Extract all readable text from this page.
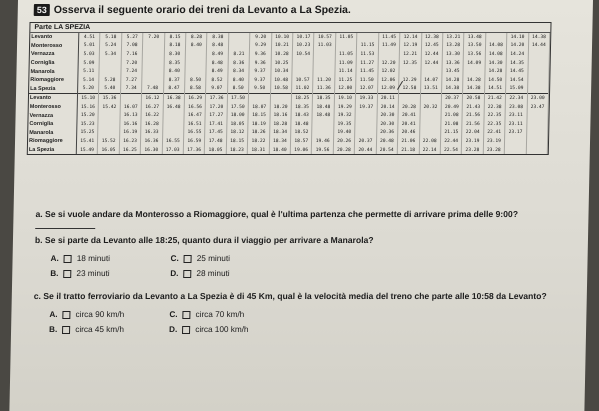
53 Osserva il seguente orario dei treni da Levanto a La Spezia.
Parte LA SPEZIA
Levanto	4.51	5.18	5.27	7.20	8.15	8.28	8.38		9.20	10.10	10.17	10.57	11.05		11.45	12.14	12.38	13.21	13.48		14.10	14.38
Monterosso	5.01	5.24	7.08		8.18	8.40	8.48		9.29	10.21	10.23	11.03		11.15	11.49	12.19	12.45	13.28	13.50	14.08	14.20	14.44
Vernazza	5.03	5.34	7.16		8.30		8.49	8.21	9.36	10.28	10.54		11.05	11.53		12.21	12.44	13.30	13.56	14.08	14.24	
Corniglia	5.09		7.20		8.35		8.48	8.36	9.36	10.25			11.09	11.27	12.20	12.35	12.44	13.36	14.09	14.30	14.35	
Manarola	5.11		7.24		8.40		8.49	8.34	9.37	10.34			11.14	11.45	12.02			13.45		14.28	14.45	
Riomaggiore	5.14	5.28	7.27		8.37	8.50	8.52	8.40	9.37	10.48	10.57	11.20	11.25	11.50	12.06	12.29	14.07	14.28	14.28	14.50	14.54	
La Spezia	5.20	5.40	7.34	7.48	8.47	8.58	9.07	8.50	9.50	10.58	11.02	11.36	12.00	12.07	12.09	12.58	13.51	14.38	14.38	14.51	15.09	
Levanto	15.10	15.36		16.12	16.38	16.29	17.36	17.50			18.25	18.35	19.10	19.33	20.11			20.37	20.58	21.42	22.34	23.00
Monterosso	15.16	15.42	16.07	16.27	16.48	16.56	17.20	17.50	18.07	18.20	18.35	18.48	19.29	19.37	20.14	20.28	20.32	20.49	21.43	22.38	23.08	23.47
Vernazza	15.20		16.13	16.22		16.47	17.27	18.00	18.15	18.16	18.43	18.48	19.32		20.30	20.41		21.08	21.56	22.35	23.11	
Corniglia	15.23		16.16	16.28		16.51	17.41	18.05	18.19	18.28	18.48		19.35		20.30	20.41		21.08	21.56	22.35	23.11	
Manarola	15.25		16.19	16.33		16.55	17.45	18.12	18.26	18.34	18.52		19.40		20.36	20.46		21.15	22.04	22.41	23.17	
Riomaggiore	15.41	15.52	16.23	16.36	16.55	16.59	17.48	18.15	18.22	18.34	18.57	19.46	20.26	20.37	20.48	21.06	22.08	22.44	23.19	23.19		
La Spezia	15.49	16.05	16.25	16.30	17.03	17.36	18.05	18.23	18.31	18.40	19.06	19.56	20.28	20.44	20.54	21.18	22.14	22.54	23.28	23.28		
/
a. Se si vuole andare da Monterosso a Riomaggiore, qual è l'ultima partenza che permette di arrivare prima delle 9:00?
b. Se si parte da Levanto alle 18:25, quanto dura il viaggio per arrivare a Manarola?
A. 18 minuti	C. 25 minuti
B. 23 minuti	D. 28 minuti
c. Se il tratto ferroviario da Levanto a La Spezia è di 45 Km, qual è la velocità media del treno che parte alle 10:58 da Levanto?
A. circa 90 km/h	C. circa 70 km/h
B. circa 45 km/h	D. circa 100 km/h
